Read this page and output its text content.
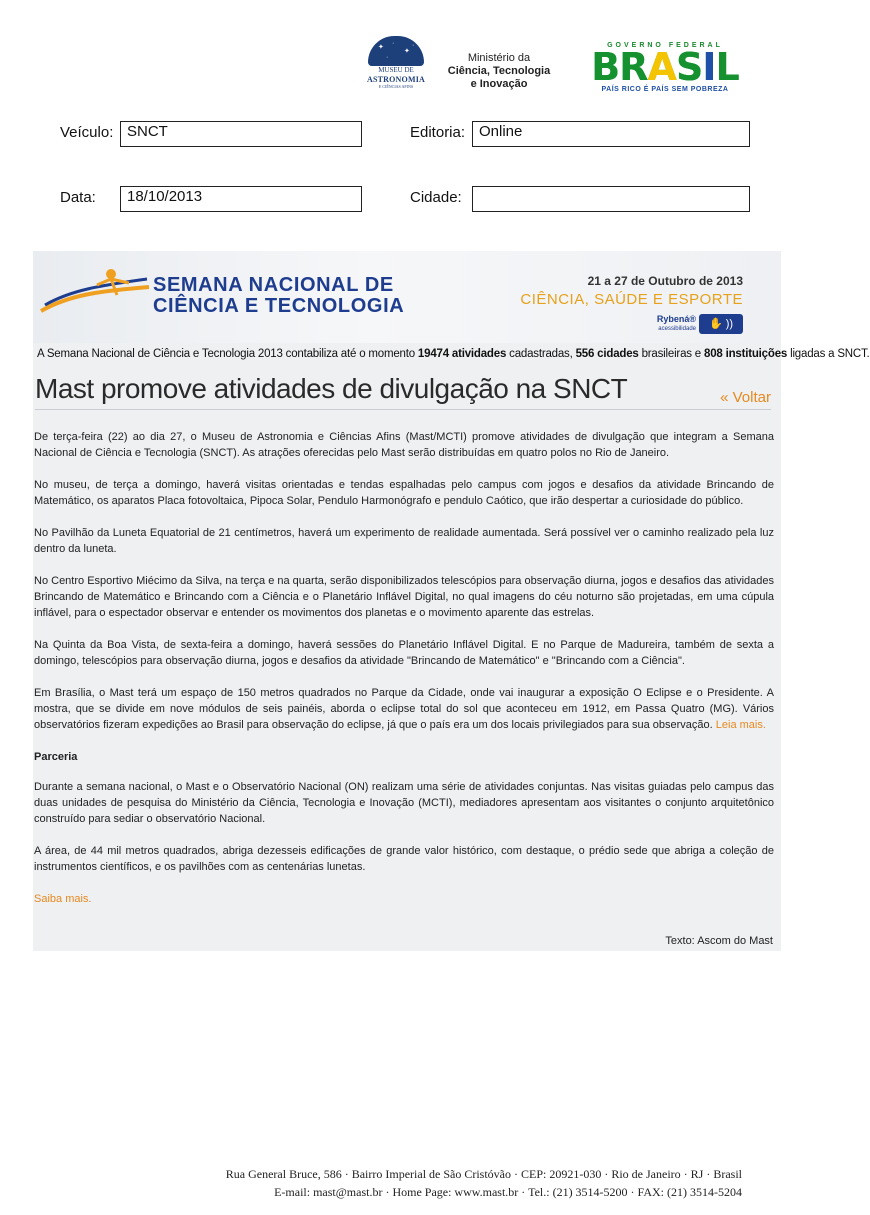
✦
·
✦
·
·
MUSEU DE
ASTRONOMIA
E CIÊNCIAS AFINS
Ministério da
Ciência, Tecnologia
e Inovação
GOVERNO FEDERAL
BRASIL
PAÍS RICO É PAÍS SEM POBREZA
Veículo: SNCT	Editoria: Online
Data:	18/10/2013	Cidade:
SEMANA NACIONAL DE
CIÊNCIA E TECNOLOGIA
21 a 27 de Outubro de 2013
CIÊNCIA, SAÚDE E ESPORTE
Rybená®
acessibilidade	✋ ))
A Semana Nacional de Ciência e Tecnologia 2013 contabiliza até o momento 19474 atividades cadastradas, 556 cidades brasileiras e 808 instituições ligadas a SNCT.
Mast promove atividades de divulgação na SNCT	« Voltar

De terça-feira (22) ao dia 27, o Museu de Astronomia e Ciências Afins (Mast/MCTI) promove atividades de divulgação que integram a Semana Nacional de Ciência e Tecnologia (SNCT). As atrações oferecidas pelo Mast serão distribuídas em quatro polos no Rio de Janeiro.

No museu, de terça a domingo, haverá visitas orientadas e tendas espalhadas pelo campus com jogos e desafios da atividade Brincando de Matemático, os aparatos Placa fotovoltaica, Pipoca Solar, Pendulo Harmonógrafo e pendulo Caótico, que irão despertar a curiosidade do público.

No Pavilhão da Luneta Equatorial de 21 centímetros, haverá um experimento de realidade aumentada. Será possível ver o caminho realizado pela luz dentro da luneta.

No Centro Esportivo Miécimo da Silva, na terça e na quarta, serão disponibilizados telescópios para observação diurna, jogos e desafios das atividades Brincando de Matemático e Brincando com a Ciência e o Planetário Inflável Digital, no qual imagens do céu noturno são projetadas, em uma cúpula inflável, para o espectador observar e entender os movimentos dos planetas e o movimento aparente das estrelas.

Na Quinta da Boa Vista, de sexta-feira a domingo, haverá sessões do Planetário Inflável Digital. E no Parque de Madureira, também de sexta a domingo, telescópios para observação diurna, jogos e desafios da atividade "Brincando de Matemático" e "Brincando com a Ciência".

Em Brasília, o Mast terá um espaço de 150 metros quadrados no Parque da Cidade, onde vai inaugurar a exposição O Eclipse e o Presidente. A mostra, que se divide em nove módulos de seis painéis, aborda o eclipse total do sol que aconteceu em 1912, em Passa Quatro (MG). Vários observatórios fizeram expedições ao Brasil para observação do eclipse, já que o país era um dos locais privilegiados para sua observação. Leia mais.

Parceria

Durante a semana nacional, o Mast e o Observatório Nacional (ON) realizam uma série de atividades conjuntas. Nas visitas guiadas pelo campus das duas unidades de pesquisa do Ministério da Ciência, Tecnologia e Inovação (MCTI), mediadores apresentam aos visitantes o conjunto arquitetônico construído para sediar o observatório Nacional.

A área, de 44 mil metros quadrados, abriga dezesseis edificações de grande valor histórico, com destaque, o prédio sede que abriga a coleção de instrumentos científicos, e os pavilhões com as centenárias lunetas.

Saiba mais.

Texto: Ascom do Mast
Rua General Bruce, 586 · Bairro Imperial de São Cristóvão · CEP: 20921-030 · Rio de Janeiro · RJ · Brasil
E-mail: mast@mast.br · Home Page: www.mast.br · Tel.: (21) 3514-5200 · FAX: (21) 3514-5204
